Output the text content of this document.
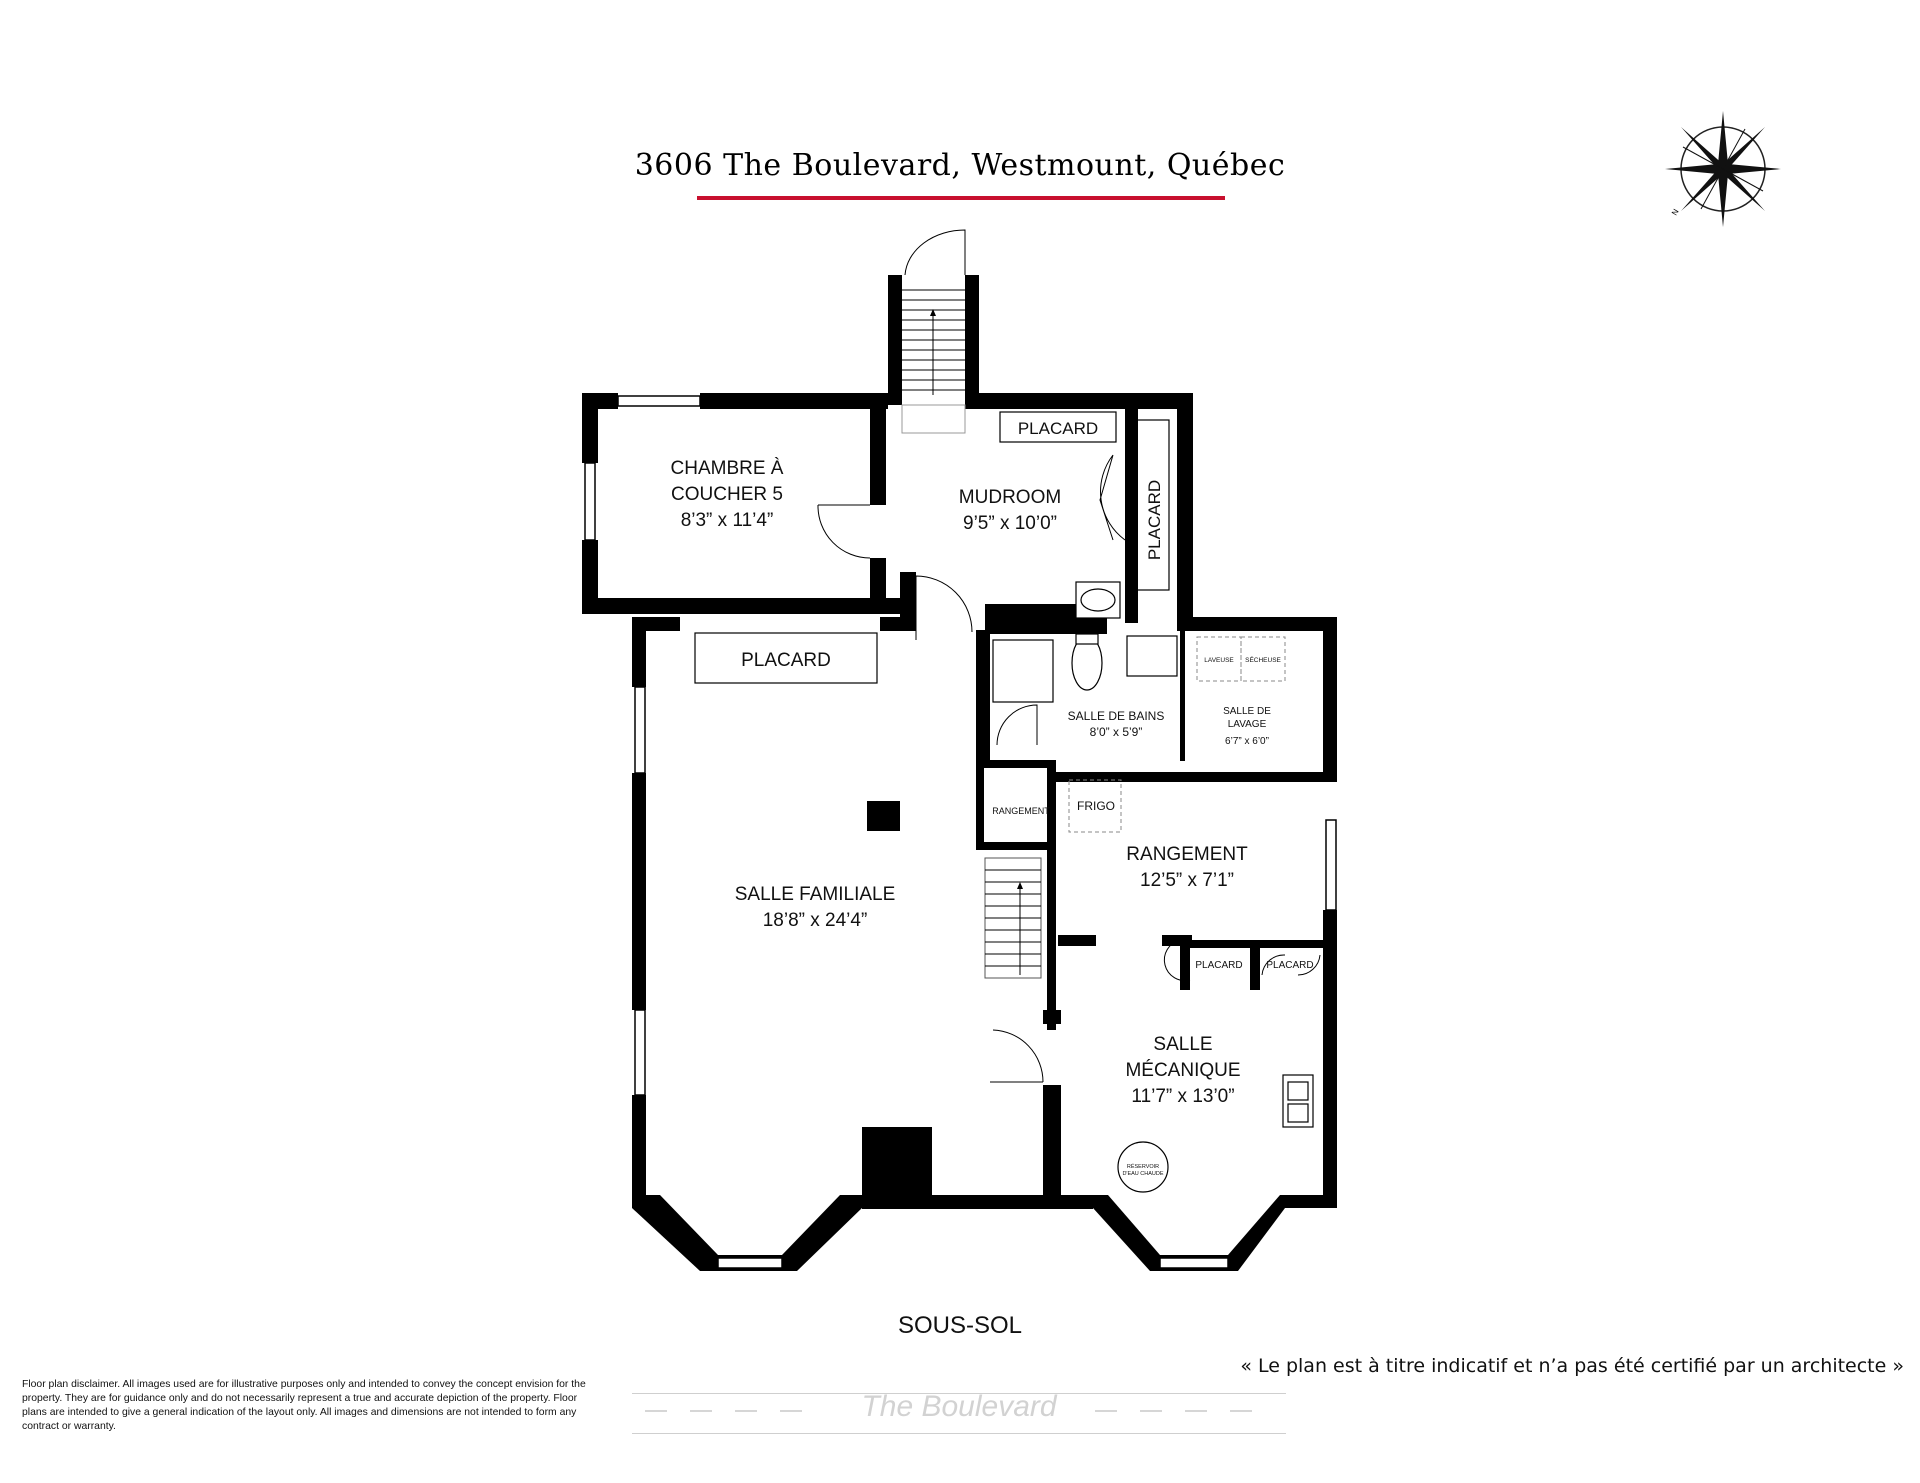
3606 The Boulevard, Westmount, Québec
N
CHAMBRE À
COUCHER 5
8’3” x 11’4”
MUDROOM
9’5” x 10’0”
PLACARD
PLACARD
PLACARD
SALLE FAMILIALE
18’8” x 24’4”
SALLE DE BAINS
8’0” x 5’9”
LAVEUSE SÉCHEUSE
SALLE DE
LAVAGE
6’7” x 6’0”
RANGEMENT FRIGO
RANGEMENT
12’5” x 7’1”
PLACARD PLACARD
SALLE
MÉCANIQUE
11’7” x 13’0”
RÉSERVOIR
D'EAU CHAUDE
SOUS-SOL
« Le plan est à titre indicatif et n’a pas été certifié par un architecte »
Floor plan disclaimer. All images used are for illustrative purposes only and intended to convey the concept envision for the property. They are for guidance only and do not necessarily represent a true and accurate depiction of the property. Floor plans are intended to give a general indication of the layout only. All images and dimensions are not intended to form any contract or warranty.
The Boulevard
